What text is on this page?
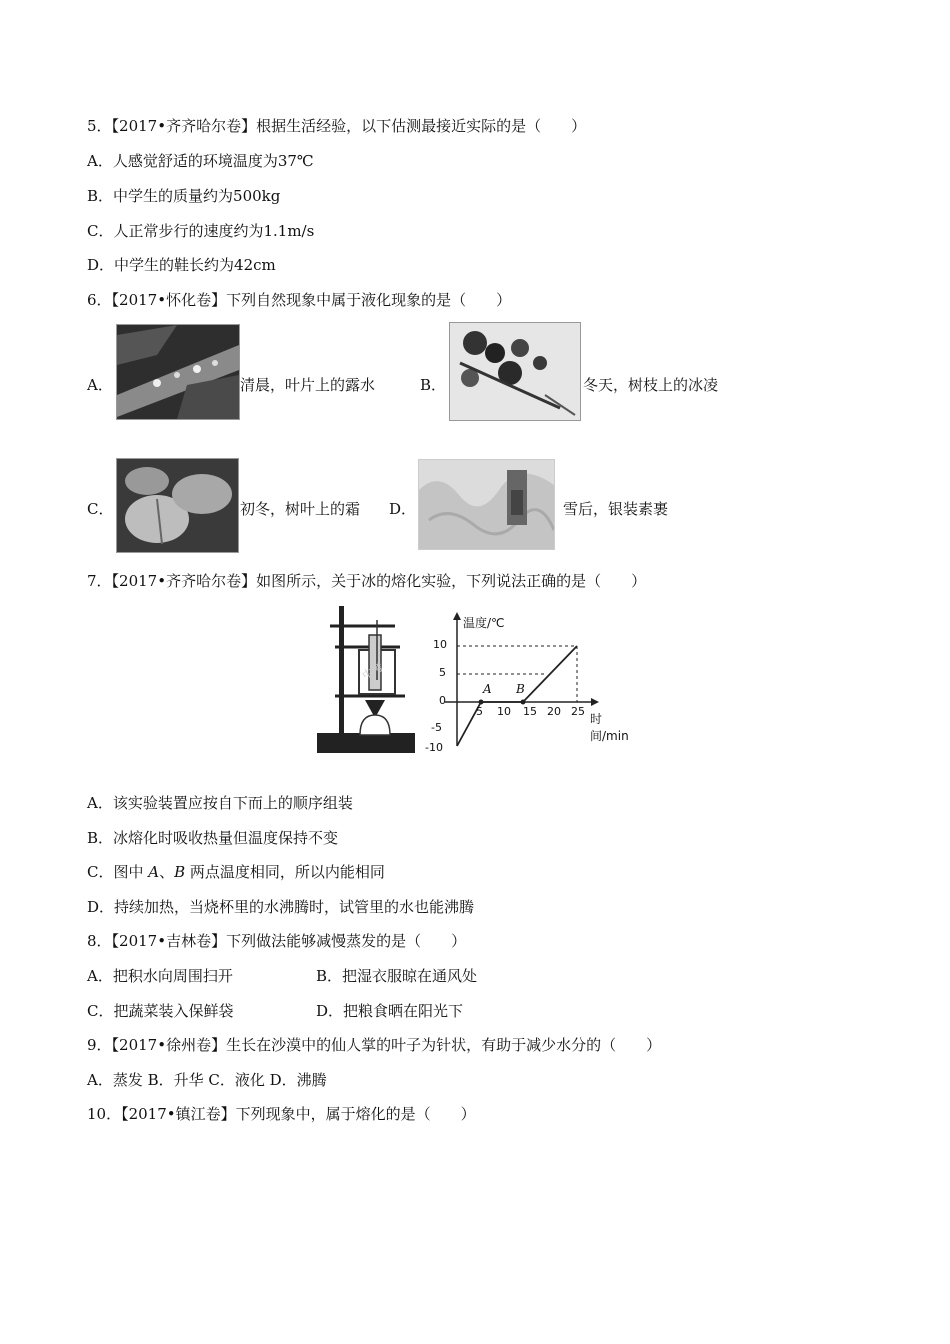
5．【2017•齐齐哈尔卷】根据生活经验，以下估测最接近实际的是（　　）
A．人感觉舒适的环境温度为37℃
B．中学生的质量约为500kg
C．人正常步行的速度约为1.1m/s
D．中学生的鞋长约为42cm
6．【2017•怀化卷】下列自然现象中属于液化现象的是（　　）
A．	清晨，叶片上的露水	B．	冬天，树枝上的冰凌
C．	初冬，树叶上的霜 D．	雪后，银装素裹
7．【2017•齐齐哈尔卷】如图所示，关于冰的熔化实验，下列说法正确的是（　　）
中考
温度/℃
时间/min
10
5
0
-5
-10
5 10 15 20 25
A B
A．该实验装置应按自下而上的顺序组装
B．冰熔化时吸收热量但温度保持不变
C．图中 A、B 两点温度相同，所以内能相同
D．持续加热，当烧杯里的水沸腾时，试管里的水也能沸腾
8．【2017•吉林卷】下列做法能够减慢蒸发的是（　　）
A．把积水向周围扫开	B．把湿衣服晾在通风处
C．把蔬菜装入保鲜袋	D．把粮食晒在阳光下
9．【2017•徐州卷】生长在沙漠中的仙人掌的叶子为针状，有助于减少水分的（　　）
A．蒸发 B．升华 C．液化 D．沸腾
10．【2017•镇江卷】下列现象中，属于熔化的是（　　）
